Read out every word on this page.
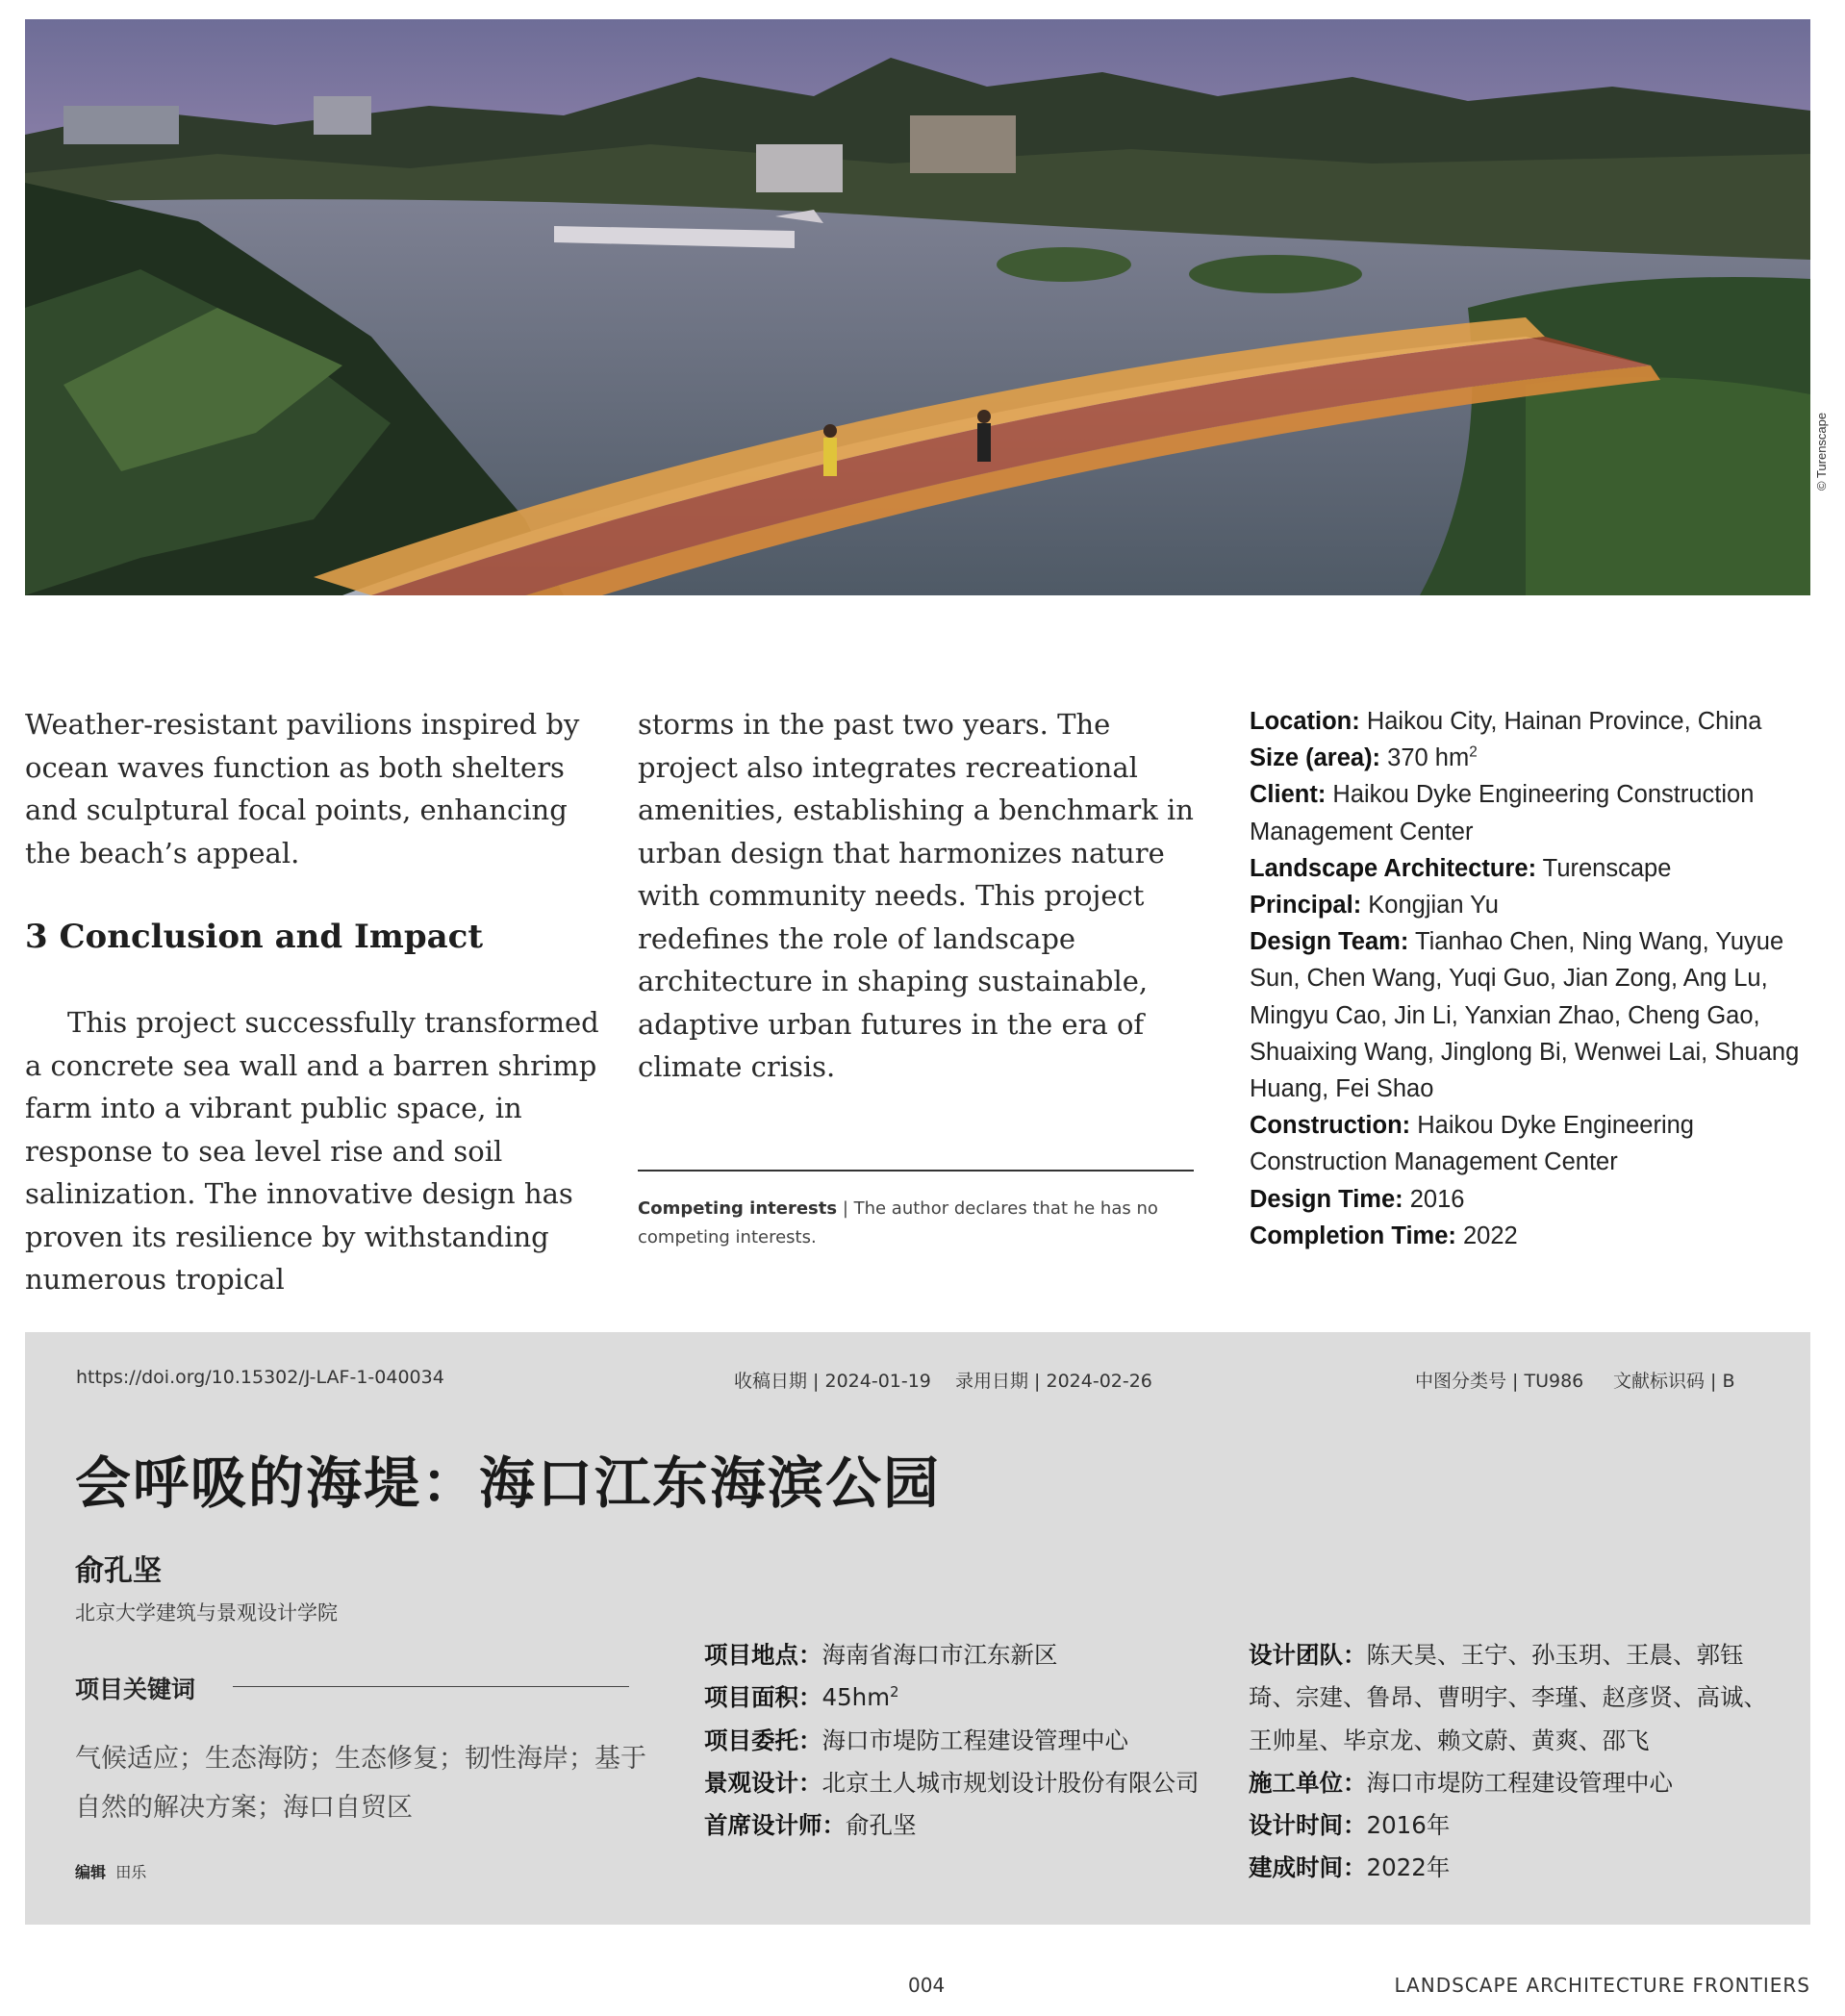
© Turenscape

Weather-resistant pavilions inspired by ocean waves function as both shelters and sculptural focal points, enhancing the beach’s appeal.

3 Conclusion and Impact

This project successfully transformed a concrete sea wall and a barren shrimp farm into a vibrant public space, in response to sea level rise and soil salinization. The innovative design has proven its resilience by withstanding numerous tropical

storms in the past two years. The project also integrates recreational amenities, establishing a benchmark in urban design that harmonizes nature with community needs. This project redefines the role of landscape architecture in shaping sustainable, adaptive urban futures in the era of climate crisis.

Competing interests | The author declares that he has no competing interests.
Location: Haikou City, Hainan Province, China
Size (area): 370 $hm^2$
Client: Haikou Dyke Engineering Construction Management Center
Landscape Architecture: Turenscape
Principal: Kongjian Yu
Design Team: Tianhao Chen, Ning Wang, Yuyue Sun, Chen Wang, Yuqi Guo, Jian Zong, Ang Lu, Mingyu Cao, Jin Li, Yanxian Zhao, Cheng Gao, Shuaixing Wang, Jinglong Bi, Wenwei Lai, Shuang Huang, Fei Shao
Construction: Haikou Dyke Engineering Construction Management Center
Design Time: 2016
Completion Time: 2022
https://doi.org/10.15302/J-LAF-1-040034	收稿日期 | 2024-01-19 录用日期 | 2024-02-26	中图分类号 | TU986 文献标识码 | B
会呼吸的海堤：海口江东海滨公园
俞孔坚
北京大学建筑与景观设计学院
项目关键词
气候适应；生态海防；生态修复；韧性海岸；基于自然的解决方案；海口自贸区
编辑 田乐
项目地点：海南省海口市江东新区
项目面积：$45hm^2$
项目委托：海口市堤防工程建设管理中心
景观设计：北京土人城市规划设计股份有限公司
首席设计师：俞孔坚
设计团队：陈天昊、王宁、孙玉玥、王晨、郭钰琦、宗建、鲁昂、曹明宇、李瑾、赵彦贤、高诚、王帅星、毕京龙、赖文蔚、黄爽、邵飞
施工单位：海口市堤防工程建设管理中心
设计时间：2016年
建成时间：2022年
004	LANDSCAPE ARCHITECTURE FRONTIERS
